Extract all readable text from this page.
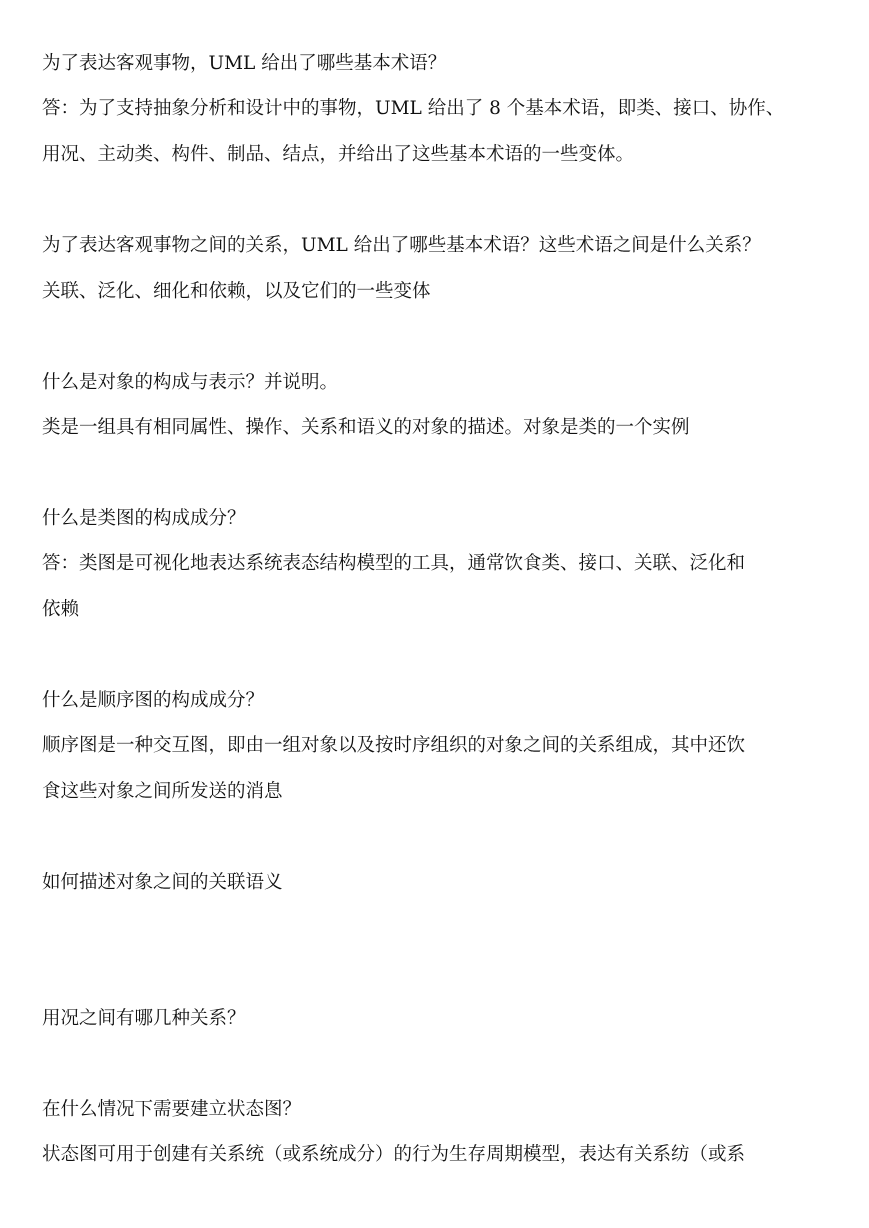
为了表达客观事物，UML 给出了哪些基本术语？
答：为了支持抽象分析和设计中的事物，UML 给出了 8 个基本术语，即类、接口、协作、
用况、主动类、构件、制品、结点，并给出了这些基本术语的一些变体。
为了表达客观事物之间的关系，UML 给出了哪些基本术语？这些术语之间是什么关系？
关联、泛化、细化和依赖，以及它们的一些变体
什么是对象的构成与表示？并说明。
类是一组具有相同属性、操作、关系和语义的对象的描述。对象是类的一个实例
什么是类图的构成成分？
答：类图是可视化地表达系统表态结构模型的工具，通常饮食类、接口、关联、泛化和
依赖
什么是顺序图的构成成分？
顺序图是一种交互图，即由一组对象以及按时序组织的对象之间的关系组成，其中还饮
食这些对象之间所发送的消息
如何描述对象之间的关联语义
用况之间有哪几种关系？
在什么情况下需要建立状态图？
状态图可用于创建有关系统（或系统成分）的行为生存周期模型，表达有关系纺（或系
